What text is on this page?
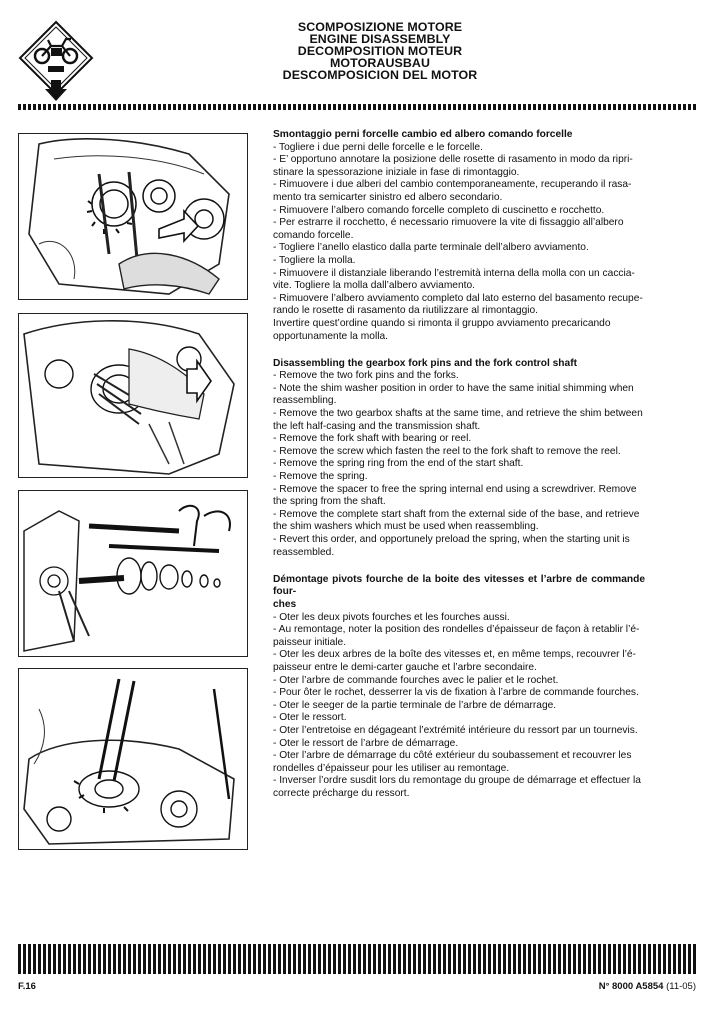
SCOMPOSIZIONE MOTORE
ENGINE DISASSEMBLY
DECOMPOSITION MOTEUR
MOTORAUSBAU
DESCOMPOSICION DEL MOTOR
Smontaggio perni forcelle cambio ed albero comando forcelle
- Togliere i due perni delle forcelle e le forcelle.
- E’ opportuno annotare la posizione delle rosette di rasamento in modo da ripri-
stinare la spessorazione iniziale in fase di rimontaggio.
- Rimuovere i due alberi del cambio contemporaneamente, recuperando il rasa-
mento tra semicarter sinistro ed albero secondario.
- Rimuovere l’albero comando forcelle completo di cuscinetto e rocchetto.
- Per estrarre il rocchetto, é necessario rimuovere la vite di fissaggio all’albero
comando forcelle.
- Togliere l’anello elastico dalla parte terminale dell’albero avviamento.
- Togliere la molla.
- Rimuovere il distanziale liberando l’estremità interna della molla con un caccia-
vite. Togliere la molla dall’albero avviamento.
- Rimuovere l’albero avviamento completo dal lato esterno del basamento recupe-
rando le rosette di rasamento da riutilizzare al rimontaggio.
Invertire quest’ordine quando si rimonta il gruppo avviamento precaricando
opportunamente la molla.
Disassembling the gearbox fork pins and the fork control shaft
- Remove the two fork pins and the forks.
- Note the shim washer position in order to have the same initial shimming when
reassembling.
- Remove the two gearbox shafts at the same time, and retrieve the shim between
the left half-casing and the transmission shaft.
- Remove the fork shaft with bearing or reel.
- Remove the screw which fasten the reel to the fork shaft to remove the reel.
- Remove the spring ring from the end of the start shaft.
- Remove the spring.
- Remove the spacer to free the spring internal end using a screwdriver. Remove
the spring from the shaft.
- Remove the complete start shaft from the external side of the base, and retrieve
the shim washers which must be used when reassembling.
- Revert this order, and opportunely preload the spring, when the starting unit is
reassembled.
Démontage pivots fourche de la boite des vitesses et l’arbre de commande four-
ches
- Oter les deux pivots fourches et les fourches aussi.
- Au remontage, noter la position des rondelles d’épaisseur de façon à retablir l’é-
paisseur initiale.
- Oter les deux arbres de la boîte des vitesses et, en même temps, recouvrer l’é-
paisseur entre le demi-carter gauche et l’arbre secondaire.
- Oter l’arbre de commande fourches avec le palier et le rochet.
- Pour ôter le rochet, desserrer la vis de fixation à l’arbre de commande fourches.
- Oter le seeger de la partie terminale de l’arbre de démarrage.
- Oter le ressort.
- Oter l’entretoise en dégageant l’extrémité intérieure du ressort par un tournevis.
- Oter le ressort de l’arbre de démarrage.
- Oter l’arbre de démarrage du côté extérieur du soubassement et recouvrer les
rondelles d’épaisseur pour les utiliser au remontage.
- Inverser l’ordre susdit lors du remontage du groupe de démarrage et effectuer la
correcte précharge du ressort.
F.16	N° 8000 A5854 (11-05)
